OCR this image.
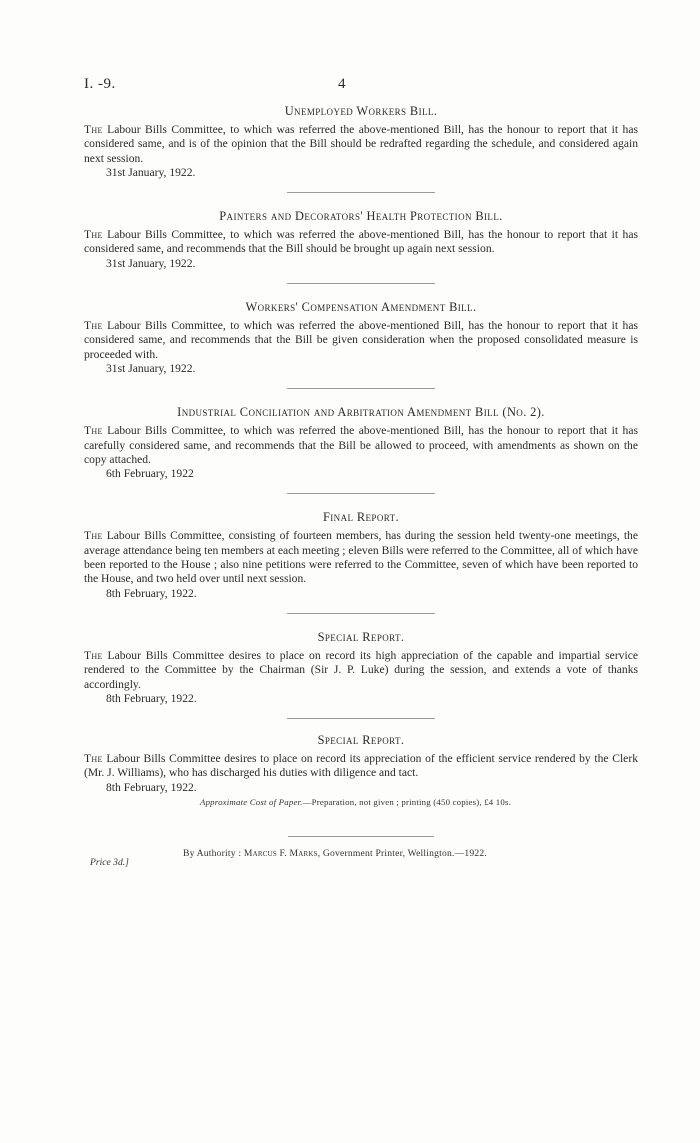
I. -9.	4
Unemployed Workers Bill.

The Labour Bills Committee, to which was referred the above-mentioned Bill, has the honour to report that it has considered same, and is of the opinion that the Bill should be redrafted regarding the schedule, and considered again next session.

31st January, 1922.

Painters and Decorators' Health Protection Bill.

The Labour Bills Committee, to which was referred the above-mentioned Bill, has the honour to report that it has considered same, and recommends that the Bill should be brought up again next session.

31st January, 1922.

Workers' Compensation Amendment Bill.

The Labour Bills Committee, to which was referred the above-mentioned Bill, has the honour to report that it has considered same, and recommends that the Bill be given consideration when the proposed consolidated measure is proceeded with.

31st January, 1922.

Industrial Conciliation and Arbitration Amendment Bill (No. 2).

The Labour Bills Committee, to which was referred the above-mentioned Bill, has the honour to report that it has carefully considered same, and recommends that the Bill be allowed to proceed, with amendments as shown on the copy attached.

6th February, 1922

Final Report.

The Labour Bills Committee, consisting of fourteen members, has during the session held twenty-one meetings, the average attendance being ten members at each meeting ; eleven Bills were referred to the Committee, all of which have been reported to the House ; also nine petitions were referred to the Committee, seven of which have been reported to the House, and two held over until next session.

8th February, 1922.

Special Report.

The Labour Bills Committee desires to place on record its high appreciation of the capable and impartial service rendered to the Committee by the Chairman (Sir J. P. Luke) during the session, and extends a vote of thanks accordingly.

8th February, 1922.

Special Report.

The Labour Bills Committee desires to place on record its appreciation of the efficient service rendered by the Clerk (Mr. J. Williams), who has discharged his duties with diligence and tact.

8th February, 1922.

Approximate Cost of Paper.—Preparation, not given ; printing (450 copies), £4 10s.
By Authority : Marcus F. Marks, Government Printer, Wellington.—1922.
Price 3d.]
